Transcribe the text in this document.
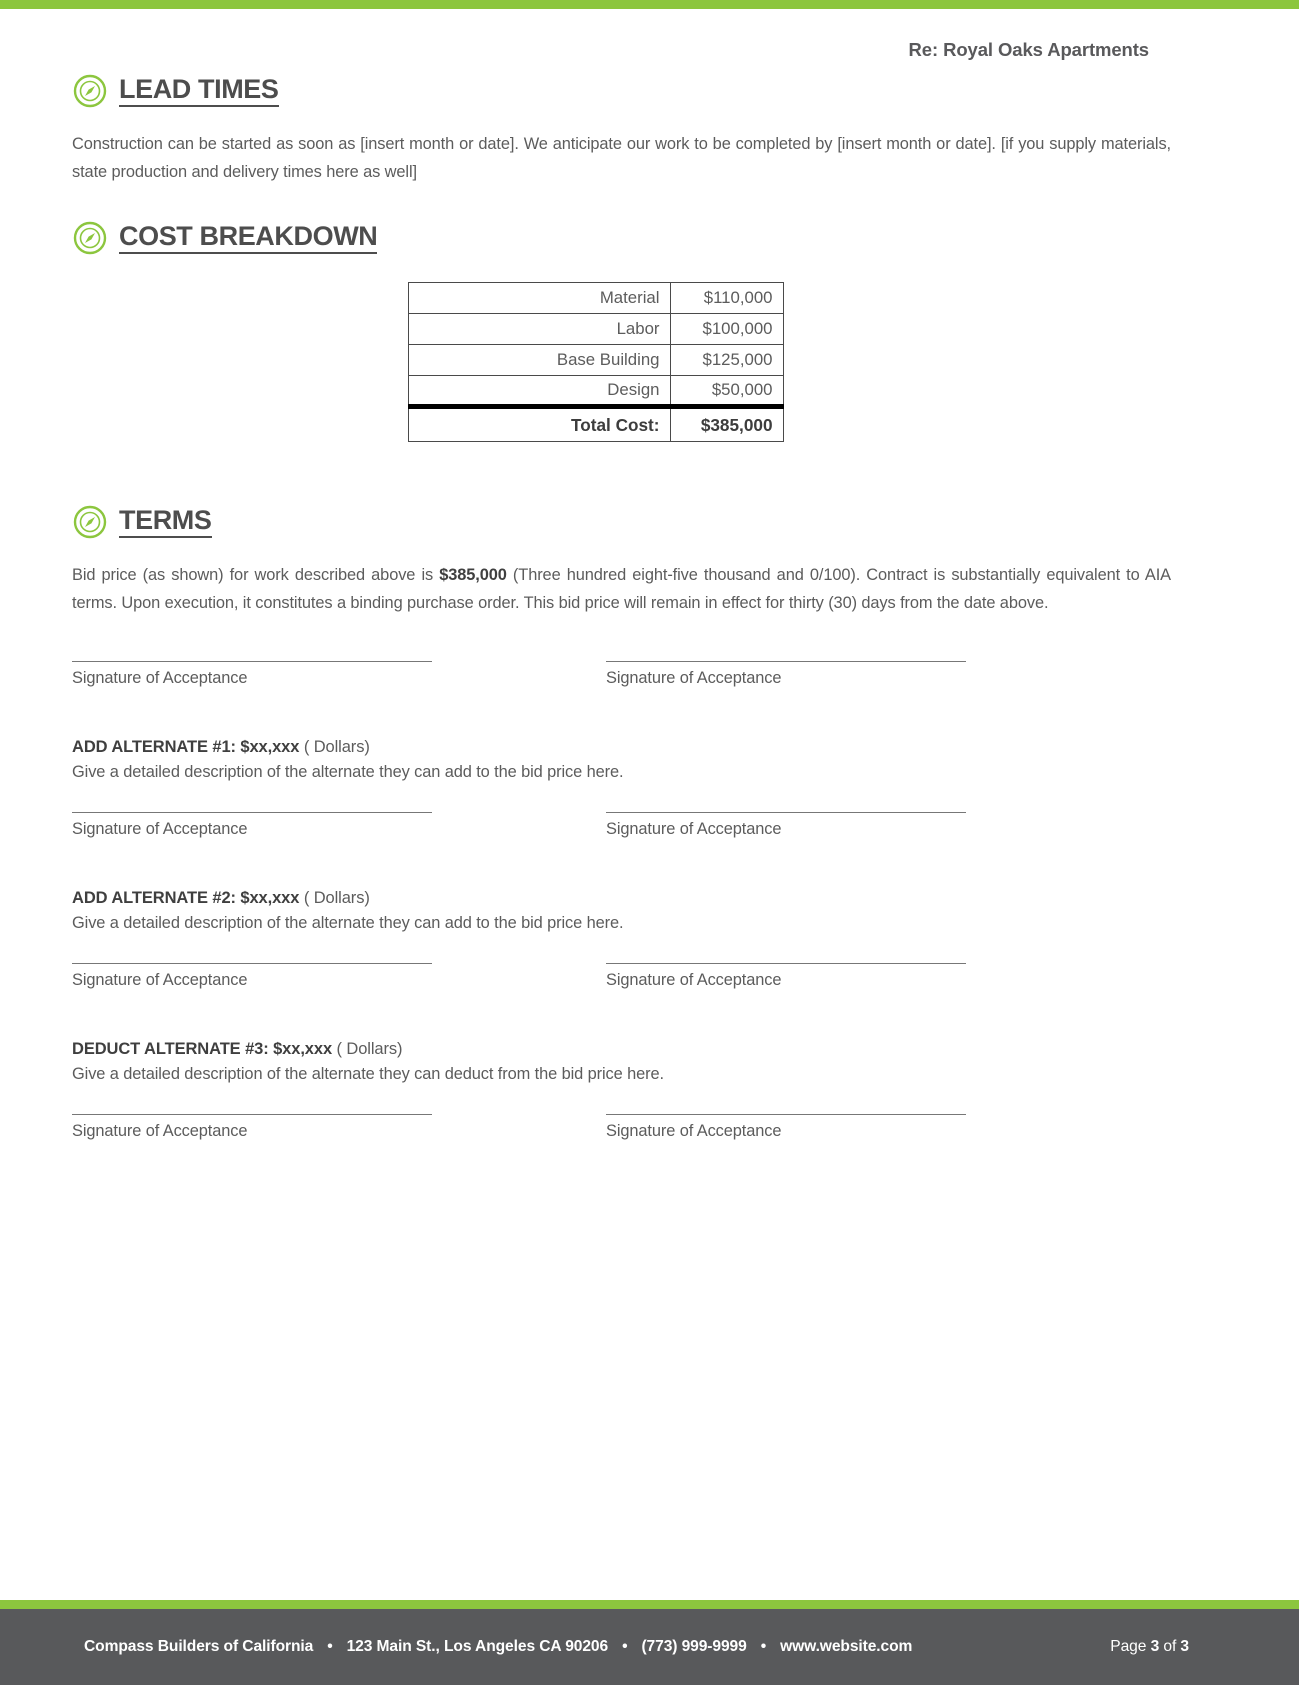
Re: Royal Oaks Apartments
LEAD TIMES
Construction can be started as soon as [insert month or date]. We anticipate our work to be completed by [insert month or date]. [if you supply materials, state production and delivery times here as well]
COST BREAKDOWN
Material	$110,000
Labor	$100,000
Base Building	$125,000
Design	$50,000
Total Cost:	$385,000
TERMS
Bid price (as shown) for work described above is $385,000 (Three hundred eight-five thousand and 0/100). Contract is substantially equivalent to AIA terms. Upon execution, it constitutes a binding purchase order. This bid price will remain in effect for thirty (30) days from the date above.
Signature of Acceptance	Signature of Acceptance
ADD ALTERNATE #1: $xx,xxx ( Dollars)
Give a detailed description of the alternate they can add to the bid price here.
Signature of Acceptance	Signature of Acceptance
ADD ALTERNATE #2: $xx,xxx ( Dollars)
Give a detailed description of the alternate they can add to the bid price here.
Signature of Acceptance	Signature of Acceptance
DEDUCT ALTERNATE #3: $xx,xxx ( Dollars)
Give a detailed description of the alternate they can deduct from the bid price here.
Signature of Acceptance	Signature of Acceptance
Compass Builders of California • 123 Main St., Los Angeles CA 90206 • (773) 999-9999 • www.website.com	Page 3 of 3
